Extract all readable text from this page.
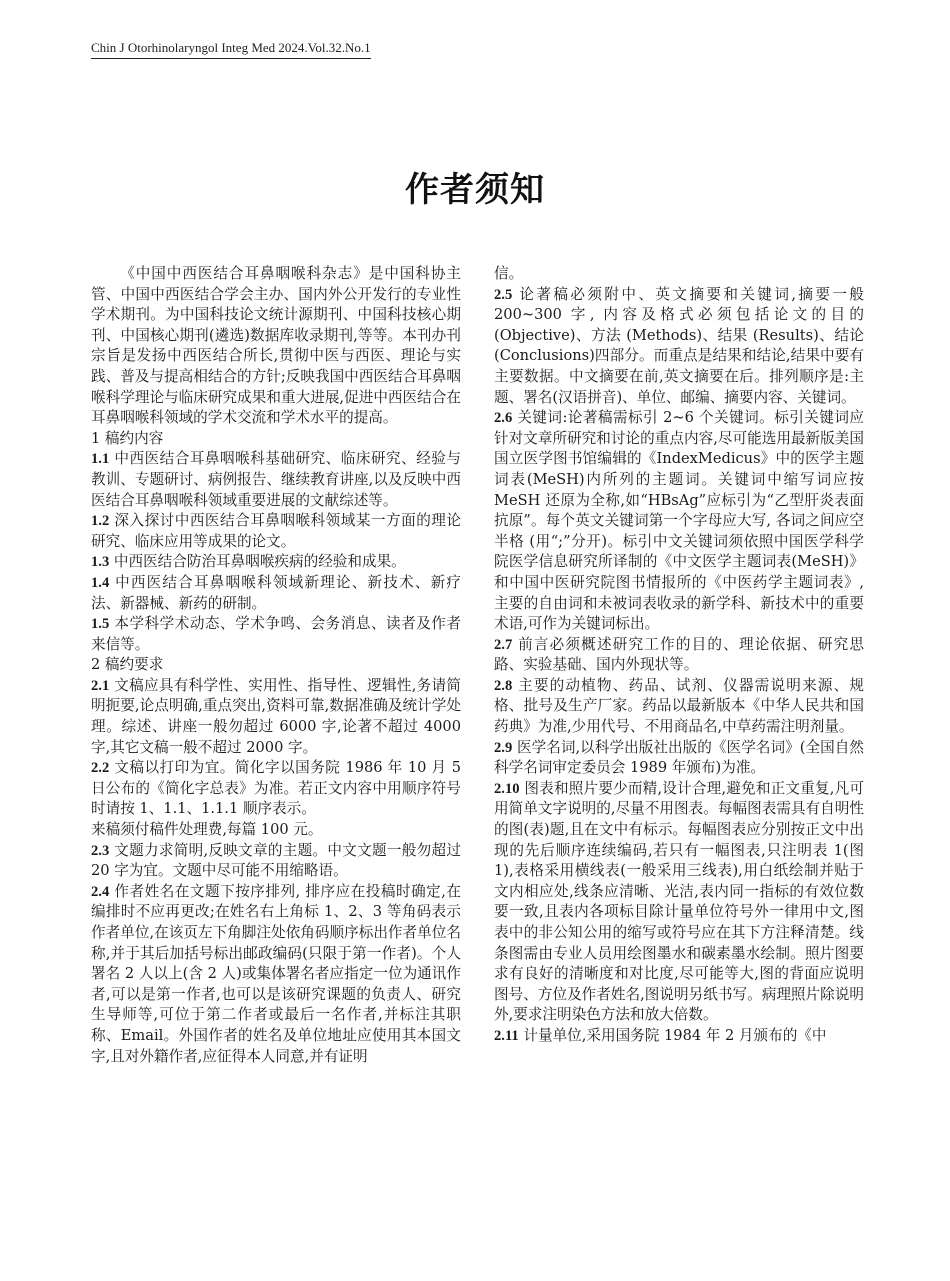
Chin J Otorhinolaryngol Integ Med 2024.Vol.32.No.1
作者须知

《中国中西医结合耳鼻咽喉科杂志》是中国科协主管、中国中西医结合学会主办、国内外公开发行的专业性学术期刊。为中国科技论文统计源期刊、中国科技核心期刊、中国核心期刊(遴选)数据库收录期刊,等等。本刊办刊宗旨是发扬中西医结合所长,贯彻中医与西医、理论与实践、普及与提高相结合的方针;反映我国中西医结合耳鼻咽喉科学理论与临床研究成果和重大进展,促进中西医结合在耳鼻咽喉科领域的学术交流和学术水平的提高。

1 稿约内容

1.1 中西医结合耳鼻咽喉科基础研究、临床研究、经验与教训、专题研讨、病例报告、继续教育讲座,以及反映中西医结合耳鼻咽喉科领域重要进展的文献综述等。

1.2 深入探讨中西医结合耳鼻咽喉科领域某一方面的理论研究、临床应用等成果的论文。

1.3 中西医结合防治耳鼻咽喉疾病的经验和成果。

1.4 中西医结合耳鼻咽喉科领域新理论、新技术、新疗法、新器械、新药的研制。

1.5 本学科学术动态、学术争鸣、会务消息、读者及作者来信等。

2 稿约要求

2.1 文稿应具有科学性、实用性、指导性、逻辑性,务请简明扼要,论点明确,重点突出,资料可靠,数据准确及统计学处理。综述、讲座一般勿超过 6000 字,论著不超过 4000 字,其它文稿一般不超过 2000 字。

2.2 文稿以打印为宜。简化字以国务院 1986 年 10 月 5 日公布的《简化字总表》为准。若正文内容中用顺序符号时请按 1、1.1、1.1.1 顺序表示。

来稿须付稿件处理费,每篇 100 元。

2.3 文题力求简明,反映文章的主题。中文文题一般勿超过 20 字为宜。文题中尽可能不用缩略语。

2.4 作者姓名在文题下按序排列, 排序应在投稿时确定,在编排时不应再更改;在姓名右上角标 1、2、3 等角码表示作者单位,在该页左下角脚注处依角码顺序标出作者单位名称,并于其后加括号标出邮政编码(只限于第一作者)。个人署名 2 人以上(含 2 人)或集体署名者应指定一位为通讯作者,可以是第一作者,也可以是该研究课题的负责人、研究生导师等,可位于第二作者或最后一名作者,并标注其职称、Email。外国作者的姓名及单位地址应使用其本国文字,且对外籍作者,应征得本人同意,并有证明

信。

2.5 论著稿必须附中、英文摘要和关键词,摘要一般 200~300 字, 内容及格式必须包括论文的目的(Objective)、方法 (Methods)、结果 (Results)、结论(Conclusions)四部分。而重点是结果和结论,结果中要有主要数据。中文摘要在前,英文摘要在后。排列顺序是:主题、署名(汉语拼音)、单位、邮编、摘要内容、关键词。

2.6 关键词:论著稿需标引 2~6 个关键词。标引关键词应针对文章所研究和讨论的重点内容,尽可能选用最新版美国国立医学图书馆编辑的《IndexMedicus》中的医学主题词表(MeSH)内所列的主题词。关键词中缩写词应按 MeSH 还原为全称,如“HBsAg”应标引为“乙型肝炎表面抗原”。每个英文关键词第一个字母应大写, 各词之间应空半格 (用“;”分开)。标引中文关键词须依照中国医学科学院医学信息研究所译制的《中文医学主题词表(MeSH)》和中国中医研究院图书情报所的《中医药学主题词表》, 主要的自由词和未被词表收录的新学科、新技术中的重要术语,可作为关键词标出。

2.7 前言必须概述研究工作的目的、理论依据、研究思路、实验基础、国内外现状等。

2.8 主要的动植物、药品、试剂、仪器需说明来源、规格、批号及生产厂家。药品以最新版本《中华人民共和国药典》为准,少用代号、不用商品名,中草药需注明剂量。

2.9 医学名词,以科学出版社出版的《医学名词》(全国自然科学名词审定委员会 1989 年颁布)为准。

2.10 图表和照片要少而精,设计合理,避免和正文重复,凡可用简单文字说明的,尽量不用图表。每幅图表需具有自明性的图(表)题,且在文中有标示。每幅图表应分别按正文中出现的先后顺序连续编码,若只有一幅图表,只注明表 1(图 1),表格采用横线表(一般采用三线表),用白纸绘制并贴于文内相应处,线条应清晰、光洁,表内同一指标的有效位数要一致,且表内各项标目除计量单位符号外一律用中文,图表中的非公知公用的缩写或符号应在其下方注释清楚。线条图需由专业人员用绘图墨水和碳素墨水绘制。照片图要求有良好的清晰度和对比度,尽可能等大,图的背面应说明图号、方位及作者姓名,图说明另纸书写。病理照片除说明外,要求注明染色方法和放大倍数。

2.11 计量单位,采用国务院 1984 年 2 月颁布的《中
